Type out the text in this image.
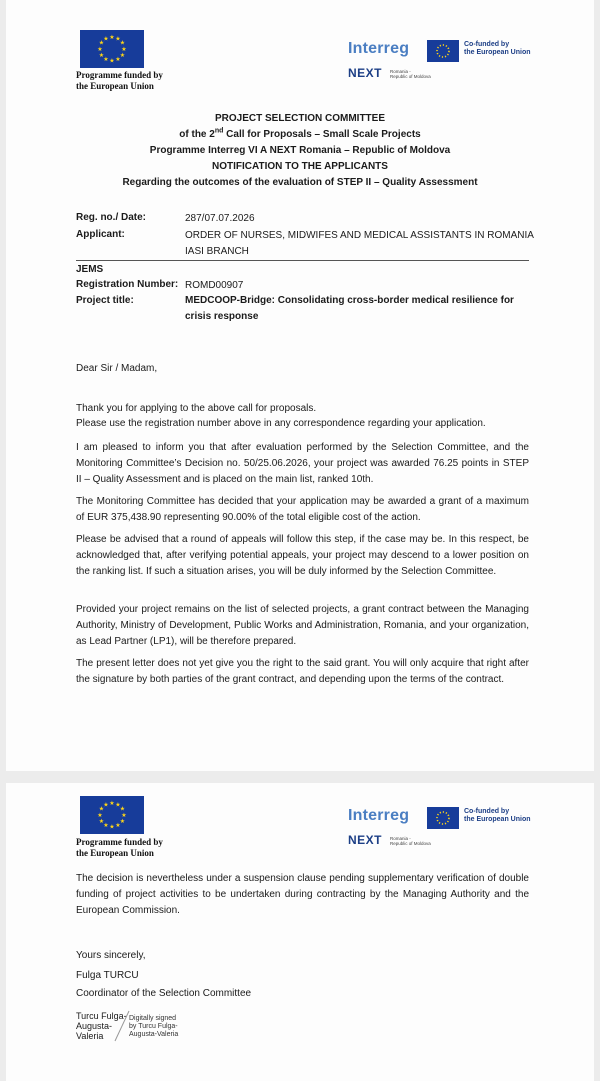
★ ★
★
★
★
★
★
★
★
★
★
★
Programme funded by
the European Union
Interreg
NEXT Romania -
Republic of Moldova
Co-funded by
the European Union
PROJECT SELECTION COMMITTEE
of the 2nd Call for Proposals – Small Scale Projects
Programme Interreg VI A NEXT Romania – Republic of Moldova
NOTIFICATION TO THE APPLICANTS
Regarding the outcomes of the evaluation of STEP II – Quality Assessment
Reg. no./ Date:	287/07.07.2026
Applicant:	ORDER OF NURSES, MIDWIFES AND MEDICAL ASSISTANTS IN ROMANIA
IASI BRANCH
JEMS
Registration Number: ROMD00907
Project title:	MEDCOOP-Bridge: Consolidating cross-border medical resilience for
crisis response
Dear Sir / Madam,
Thank you for applying to the above call for proposals.
Please use the registration number above in any correspondence regarding your application.
I am pleased to inform you that after evaluation performed by the Selection Committee, and the Monitoring Committee’s Decision no. 50/25.06.2026, your project was awarded 76.25 points in STEP II – Quality Assessment and is placed on the main list, ranked 10th.
The Monitoring Committee has decided that your application may be awarded a grant of a maximum of EUR 375,438.90 representing 90.00% of the total eligible cost of the action.
Please be advised that a round of appeals will follow this step, if the case may be. In this respect, be acknowledged that, after verifying potential appeals, your project may descend to a lower position on the ranking list. If such a situation arises, you will be duly informed by the Selection Committee.
Provided your project remains on the list of selected projects, a grant contract between the Managing Authority, Ministry of Development, Public Works and Administration, Romania, and your organization, as Lead Partner (LP1), will be therefore prepared.
The present letter does not yet give you the right to the said grant. You will only acquire that right after the signature by both parties of the grant contract, and depending upon the terms of the contract.
★ ★
★
★
★
★
★
★
★
★
★
★
Programme funded by
the European Union
Interreg
NEXT Romania -
Republic of Moldova
Co-funded by
the European Union
The decision is nevertheless under a suspension clause pending supplementary verification of double funding of project activities to be undertaken during contracting by the Managing Authority and the European Commission.
Yours sincerely,
Fulga TURCU
Coordinator of the Selection Committee
Turcu Fulga-
Augusta-
Valeria
Digitally signed
by Turcu Fulga-
Augusta-Valeria
